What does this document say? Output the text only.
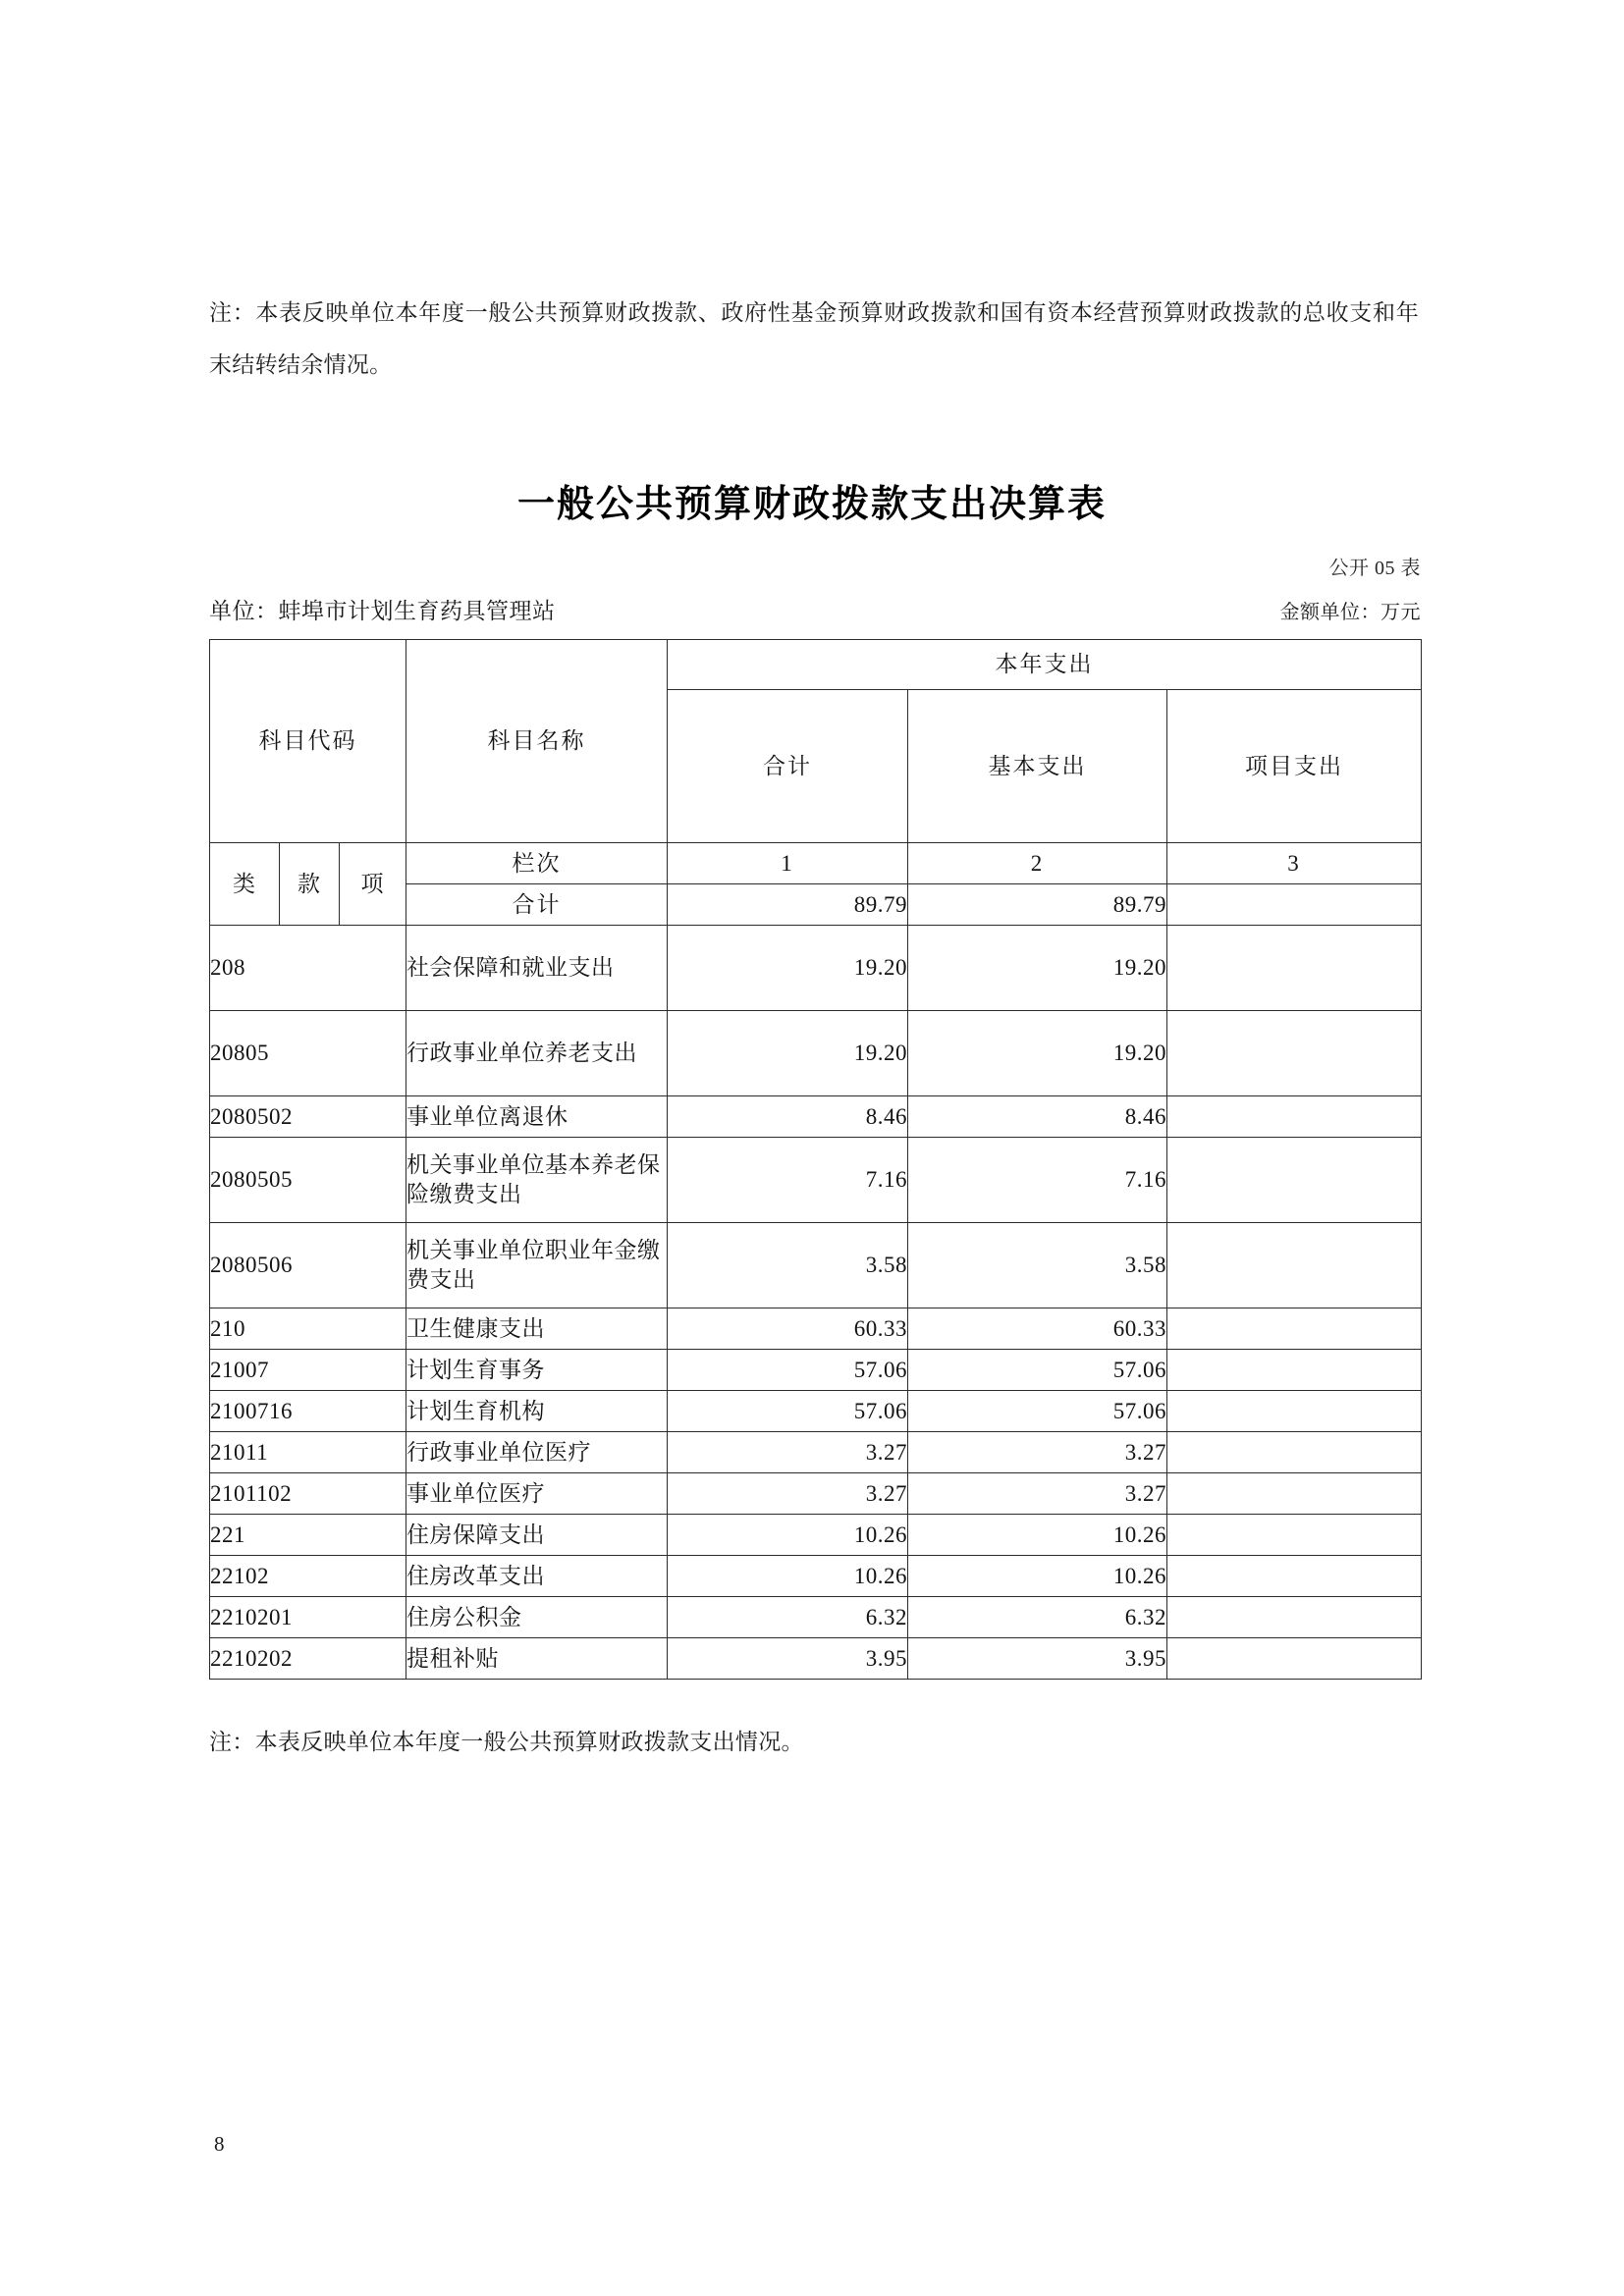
注：本表反映单位本年度一般公共预算财政拨款、政府性基金预算财政拨款和国有资本经营预算财政拨款的总收支和年末结转结余情况。
一般公共预算财政拨款支出决算表
公开 05 表
单位：蚌埠市计划生育药具管理站	金额单位：万元
科目代码			科目名称	本年支出		
				合计	基本支出	项目支出
类	款	项	栏次	1	2	3
			合计	89.79	89.79	
208			社会保障和就业支出	19.20	19.20	
20805			行政事业单位养老支出	19.20	19.20	
2080502			事业单位离退休	8.46	8.46	
2080505			机关事业单位基本养老保险缴费支出	7.16	7.16	
2080506			机关事业单位职业年金缴费支出	3.58	3.58	
210			卫生健康支出	60.33	60.33	
21007			计划生育事务	57.06	57.06	
2100716			计划生育机构	57.06	57.06	
21011			行政事业单位医疗	3.27	3.27	
2101102			事业单位医疗	3.27	3.27	
221			住房保障支出	10.26	10.26	
22102			住房改革支出	10.26	10.26	
2210201			住房公积金	6.32	6.32	
2210202			提租补贴	3.95	3.95	
注：本表反映单位本年度一般公共预算财政拨款支出情况。
8
